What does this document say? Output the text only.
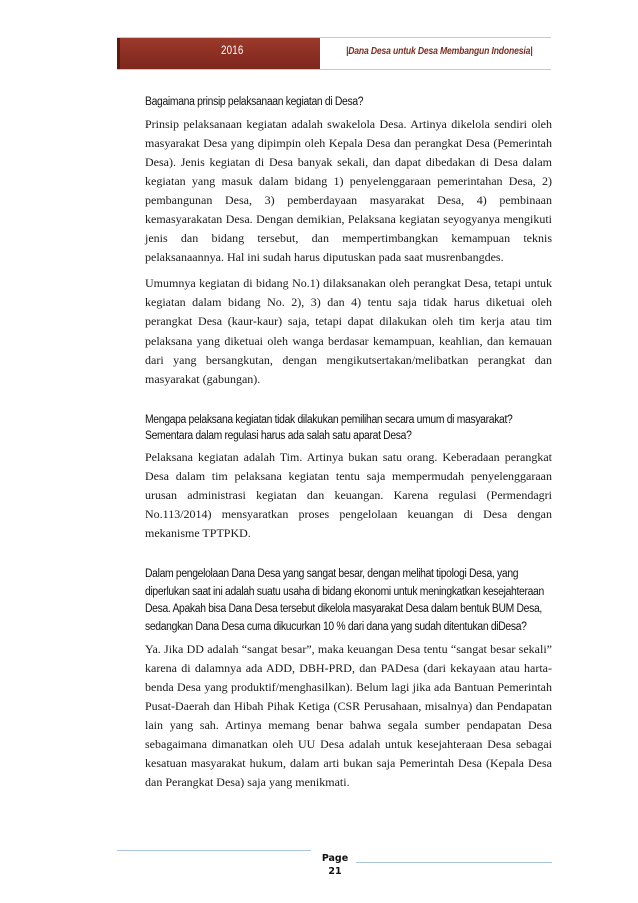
2016	|Dana Desa untuk Desa Membangun Indonesia|

Bagaimana prinsip pelaksanaan kegiatan di Desa?

Prinsip pelaksanaan kegiatan adalah swakelola Desa. Artinya dikelola sendiri oleh masyarakat Desa yang dipimpin oleh Kepala Desa dan perangkat Desa (Pemerintah Desa). Jenis kegiatan di Desa banyak sekali, dan dapat dibedakan di Desa dalam kegiatan yang masuk dalam bidang 1) penyelenggaraan pemerintahan Desa, 2) pembangunan Desa, 3) pemberdayaan masyarakat Desa, 4) pembinaan kemasyarakatan Desa. Dengan demikian, Pelaksana kegiatan seyogyanya mengikuti jenis dan bidang tersebut, dan mempertimbangkan kemampuan teknis pelaksanaannya. Hal ini sudah harus diputuskan pada saat musrenbangdes.

Umumnya kegiatan di bidang No.1) dilaksanakan oleh perangkat Desa, tetapi untuk kegiatan dalam bidang No. 2), 3) dan 4) tentu saja tidak harus diketuai oleh perangkat Desa (kaur-kaur) saja, tetapi dapat dilakukan oleh tim kerja atau tim pelaksana yang diketuai oleh wanga berdasar kemampuan, keahlian, dan kemauan dari yang bersangkutan, dengan mengikutsertakan/melibatkan perangkat dan masyarakat (gabungan).

Mengapa pelaksana kegiatan tidak dilakukan pemilihan secara umum di masyarakat? Sementara dalam regulasi harus ada salah satu aparat Desa?

Pelaksana kegiatan adalah Tim. Artinya bukan satu orang. Keberadaan perangkat Desa dalam tim pelaksana kegiatan tentu saja mempermudah penyelenggaraan urusan administrasi kegiatan dan keuangan. Karena regulasi (Permendagri No.113/2014) mensyaratkan proses pengelolaan keuangan di Desa dengan mekanisme TPTPKD.

Dalam pengelolaan Dana Desa yang sangat besar, dengan melihat tipologi Desa, yang diperlukan saat ini adalah suatu usaha di bidang ekonomi untuk meningkatkan kesejahteraan Desa. Apakah bisa Dana Desa tersebut dikelola masyarakat Desa dalam bentuk BUM Desa, sedangkan Dana Desa cuma dikucurkan 10 % dari dana yang sudah ditentukan diDesa?

Ya. Jika DD adalah “sangat besar”, maka keuangan Desa tentu “sangat besar sekali” karena di dalamnya ada ADD, DBH-PRD, dan PADesa (dari kekayaan atau harta-benda Desa yang produktif/menghasilkan). Belum lagi jika ada Bantuan Pemerintah Pusat-Daerah dan Hibah Pihak Ketiga (CSR Perusahaan, misalnya) dan Pendapatan lain yang sah. Artinya memang benar bahwa segala sumber pendapatan Desa sebagaimana dimanatkan oleh UU Desa adalah untuk kesejahteraan Desa sebagai kesatuan masyarakat hukum, dalam arti bukan saja Pemerintah Desa (Kepala Desa dan Perangkat Desa) saja yang menikmati.

Page
21
